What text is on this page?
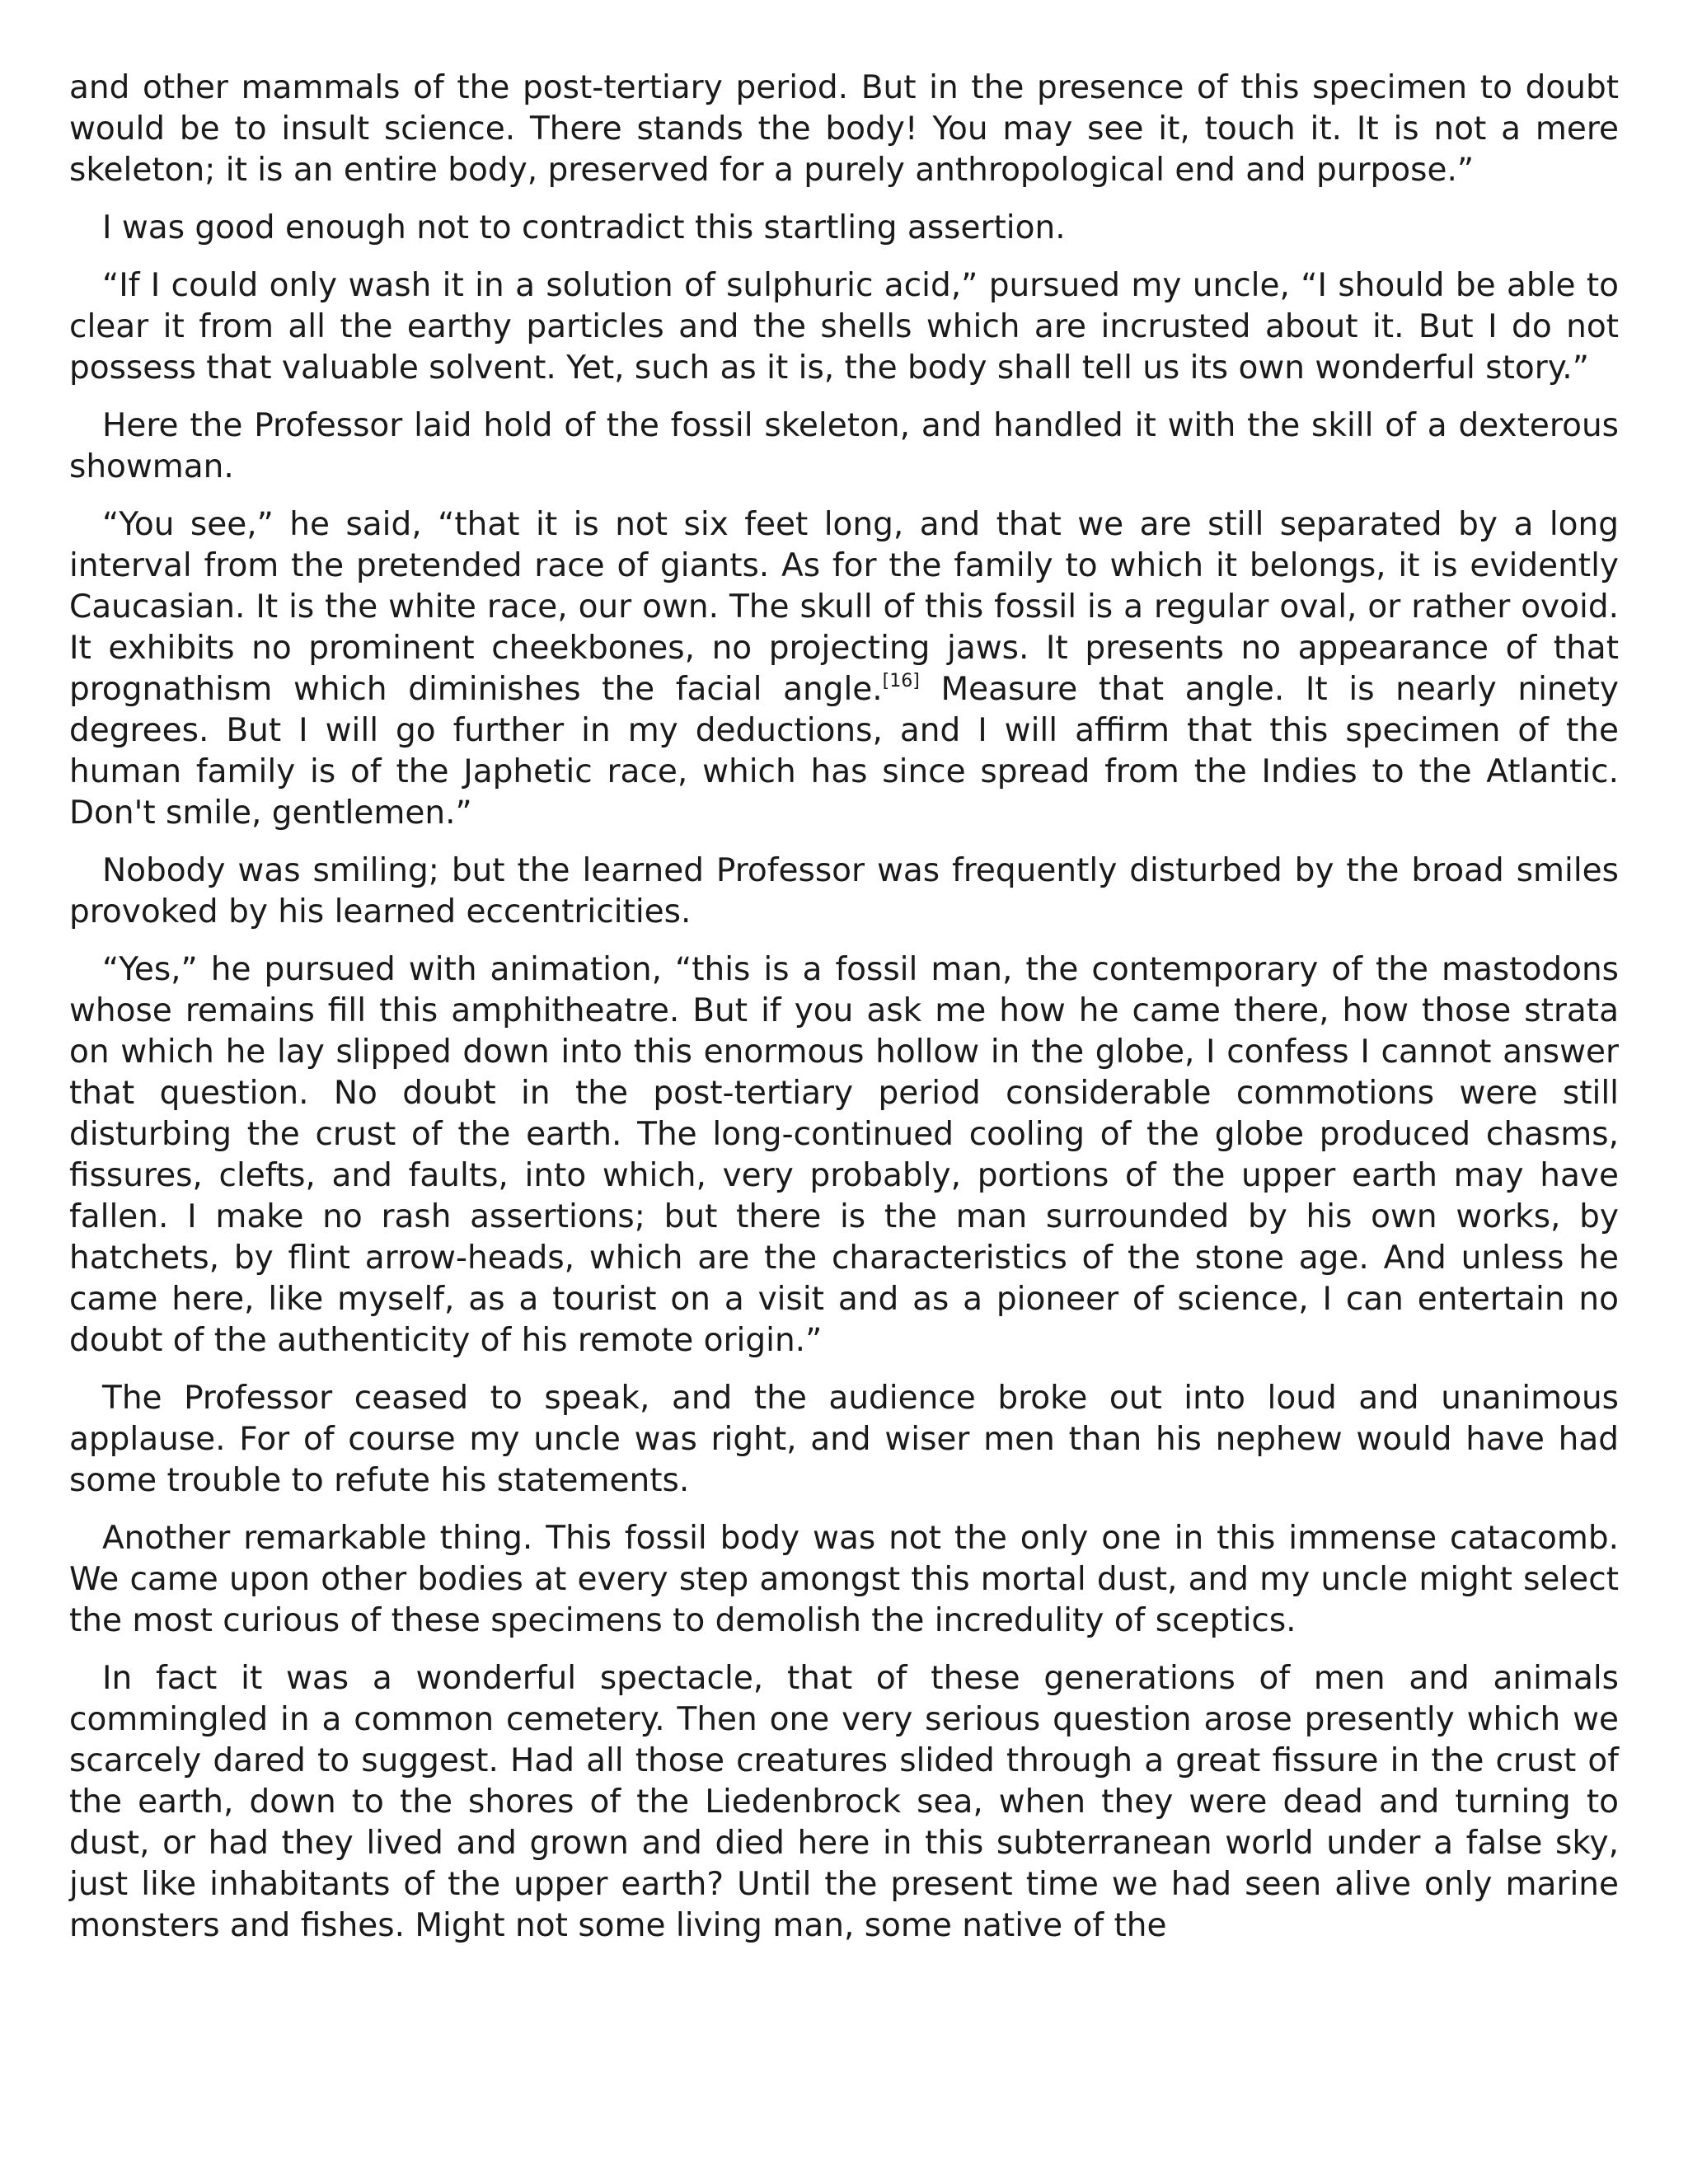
and other mammals of the post-tertiary period. But in the presence of this specimen to doubt would be to insult science. There stands the body! You may see it, touch it. It is not a mere skeleton; it is an entire body, preserved for a purely anthropological end and purpose.”

I was good enough not to contradict this startling assertion.

“If I could only wash it in a solution of sulphuric acid,” pursued my uncle, “I should be able to clear it from all the earthy particles and the shells which are incrusted about it. But I do not possess that valuable solvent. Yet, such as it is, the body shall tell us its own wonderful story.”

Here the Professor laid hold of the fossil skeleton, and handled it with the skill of a dexterous showman.

“You see,” he said, “that it is not six feet long, and that we are still separated by a long interval from the pretended race of giants. As for the family to which it belongs, it is evidently Caucasian. It is the white race, our own. The skull of this fossil is a regular oval, or rather ovoid. It exhibits no prominent cheekbones, no projecting jaws. It presents no appearance of that prognathism which diminishes the facial angle.[16] Measure that angle. It is nearly ninety degrees. But I will go further in my deductions, and I will affirm that this specimen of the human family is of the Japhetic race, which has since spread from the Indies to the Atlantic. Don't smile, gentlemen.”

Nobody was smiling; but the learned Professor was frequently disturbed by the broad smiles provoked by his learned eccentricities.

“Yes,” he pursued with animation, “this is a fossil man, the contemporary of the mastodons whose remains fill this amphitheatre. But if you ask me how he came there, how those strata on which he lay slipped down into this enormous hollow in the globe, I confess I cannot answer that question. No doubt in the post-tertiary period considerable commotions were still disturbing the crust of the earth. The long-continued cooling of the globe produced chasms, fissures, clefts, and faults, into which, very probably, portions of the upper earth may have fallen. I make no rash assertions; but there is the man surrounded by his own works, by hatchets, by flint arrow-heads, which are the characteristics of the stone age. And unless he came here, like myself, as a tourist on a visit and as a pioneer of science, I can entertain no doubt of the authenticity of his remote origin.”

The Professor ceased to speak, and the audience broke out into loud and unanimous applause. For of course my uncle was right, and wiser men than his nephew would have had some trouble to refute his statements.

Another remarkable thing. This fossil body was not the only one in this immense catacomb. We came upon other bodies at every step amongst this mortal dust, and my uncle might select the most curious of these specimens to demolish the incredulity of sceptics.

In fact it was a wonderful spectacle, that of these generations of men and animals commingled in a common cemetery. Then one very serious question arose presently which we scarcely dared to suggest. Had all those creatures slided through a great fissure in the crust of the earth, down to the shores of the Liedenbrock sea, when they were dead and turning to dust, or had they lived and grown and died here in this subterranean world under a false sky, just like inhabitants of the upper earth? Until the present time we had seen alive only marine monsters and fishes. Might not some living man, some native of the
